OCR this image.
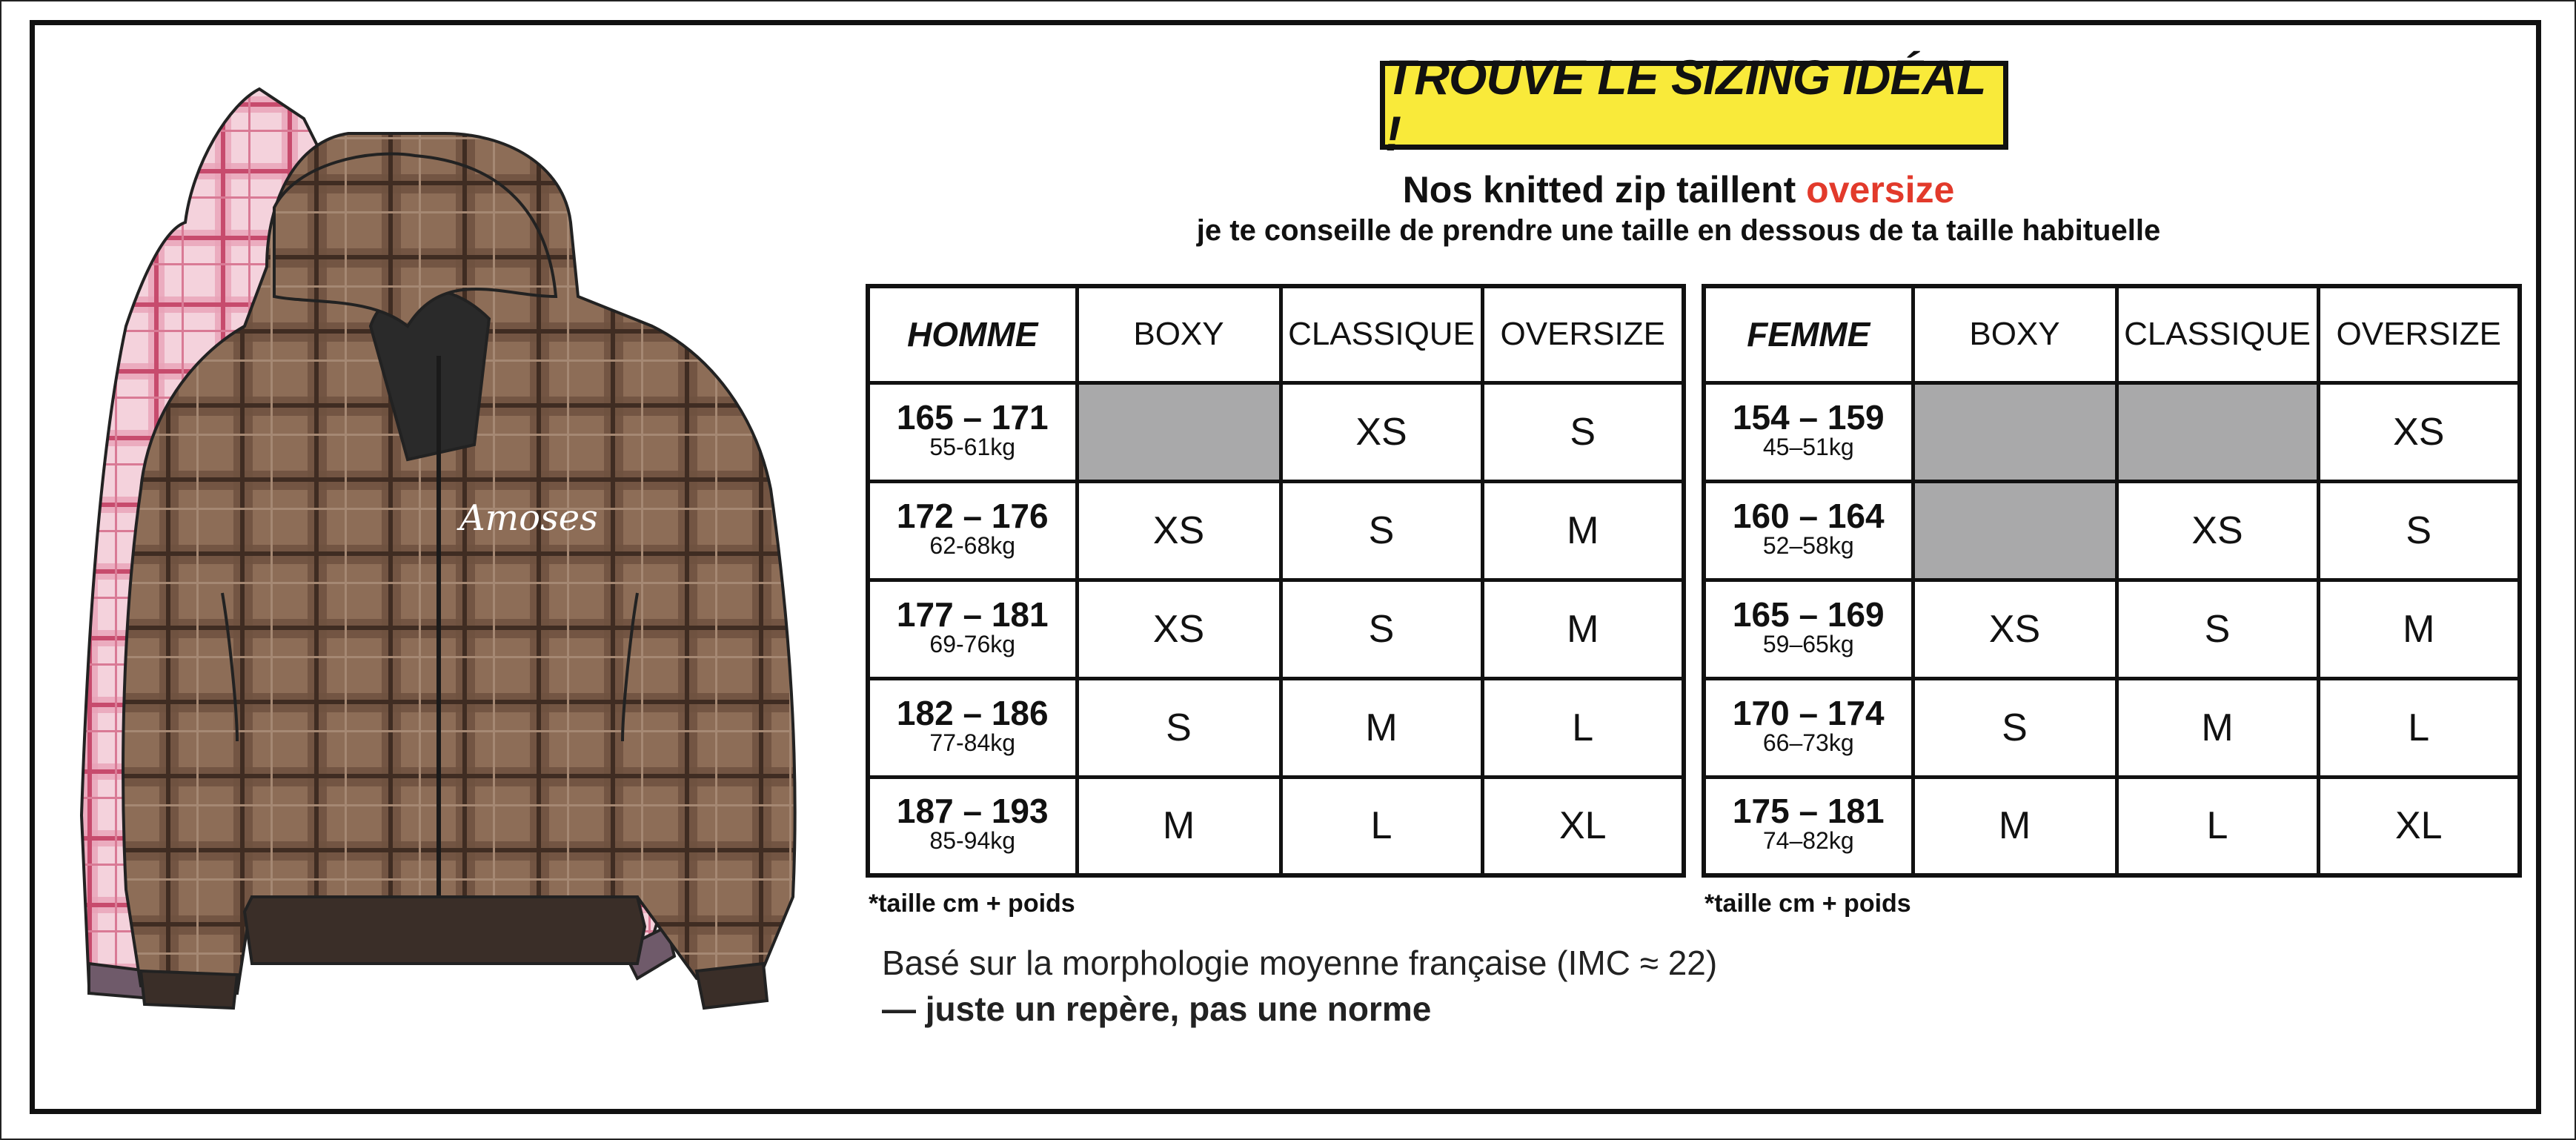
Amoses
TROUVE LE SIZING IDÉAL !
Nos knitted zip taillent oversize
je te conseille de prendre une taille en dessous de ta taille habituelle
HOMME	BOXY	CLASSIQUE	OVERSIZE

165 – 171
55-61kg		XS	S

172 – 176
62-68kg	XS	S	M

177 – 181
69-76kg	XS	S	M

182 – 186
77-84kg	S	M	L

187 – 193
85-94kg	M	L	XL
FEMME	BOXY	CLASSIQUE	OVERSIZE

154 – 159
45–51kg			XS

160 – 164
52–58kg		XS	S

165 – 169
59–65kg	XS	S	M

170 – 174
66–73kg	S	M	L

175 – 181
74–82kg	M	L	XL
*taille cm + poids	*taille cm + poids
Basé sur la morphologie moyenne française (IMC ≈ 22)
— juste un repère, pas une norme
